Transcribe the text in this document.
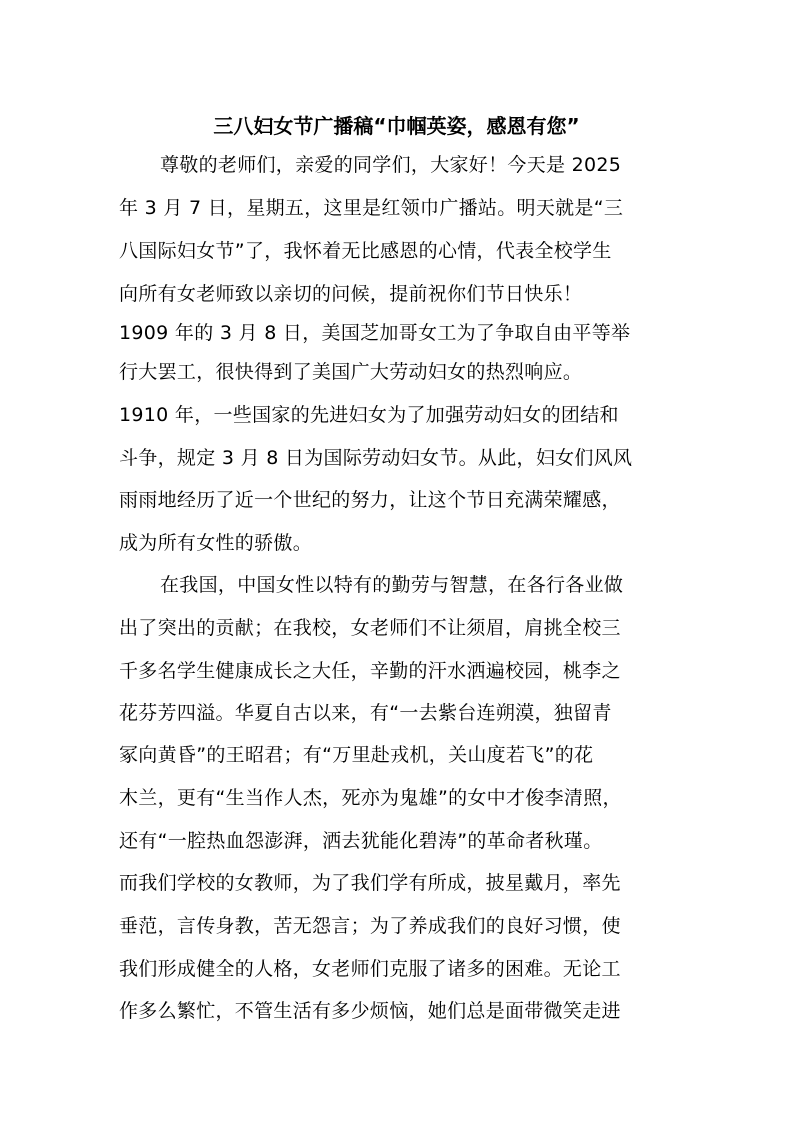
三八妇女节广播稿“巾帼英姿，感恩有您”
尊敬的老师们，亲爱的同学们，大家好！今天是 2025
年 3 月 7 日，星期五，这里是红领巾广播站。明天就是“三
八国际妇女节”了，我怀着无比感恩的心情，代表全校学生
向所有女老师致以亲切的问候，提前祝你们节日快乐！
1909 年的 3 月 8 日，美国芝加哥女工为了争取自由平等举
行大罢工，很快得到了美国广大劳动妇女的热烈响应。
1910 年，一些国家的先进妇女为了加强劳动妇女的团结和
斗争，规定 3 月 8 日为国际劳动妇女节。从此，妇女们风风
雨雨地经历了近一个世纪的努力，让这个节日充满荣耀感，
成为所有女性的骄傲。
在我国，中国女性以特有的勤劳与智慧，在各行各业做
出了突出的贡献；在我校，女老师们不让须眉，肩挑全校三
千多名学生健康成长之大任，辛勤的汗水洒遍校园，桃李之
花芬芳四溢。华夏自古以来，有“一去紫台连朔漠，独留青
冢向黄昏”的王昭君；有“万里赴戎机，关山度若飞”的花
木兰，更有“生当作人杰，死亦为鬼雄”的女中才俊李清照，
还有“一腔热血怨澎湃，洒去犹能化碧涛”的革命者秋瑾。
而我们学校的女教师，为了我们学有所成，披星戴月，率先
垂范，言传身教，苦无怨言；为了养成我们的良好习惯，使
我们形成健全的人格，女老师们克服了诸多的困难。无论工
作多么繁忙，不管生活有多少烦恼，她们总是面带微笑走进
